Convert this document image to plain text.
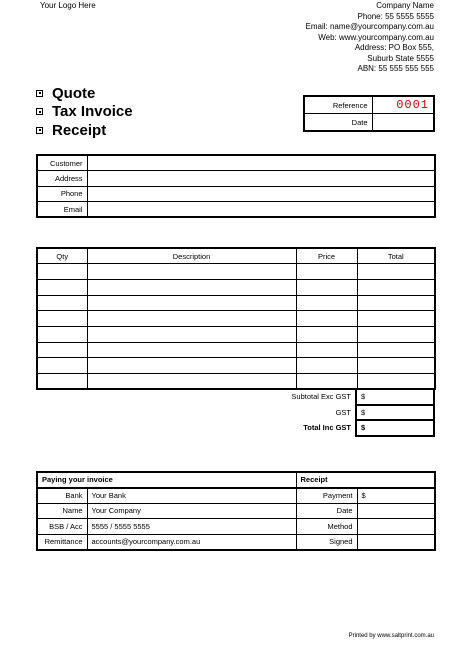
Your Logo Here	Company Name
Phone: 55 5555 5555
Email: name@yourcompany.com.au
Web: www.yourcompany.com.au
Address: PO Box 555,
Suburb State 5555
ABN: 55 555 555 555
Quote
Tax Invoice
Receipt
Reference	0001
Date	
Customer	
Address	
Phone	
Email	
Qty	Description	Price	Total

	Subtotal Exc GST	$
	GST	$
	Total Inc GST	$
Paying your invoice		Receipt	
Bank	Your Bank	Payment	$
Name	Your Company	Date	
BSB / Acc	5555 / 5555 5555	Method	
Remittance	accounts@yourcompany.com.au	Signed	
Printed by www.saltprint.com.au
